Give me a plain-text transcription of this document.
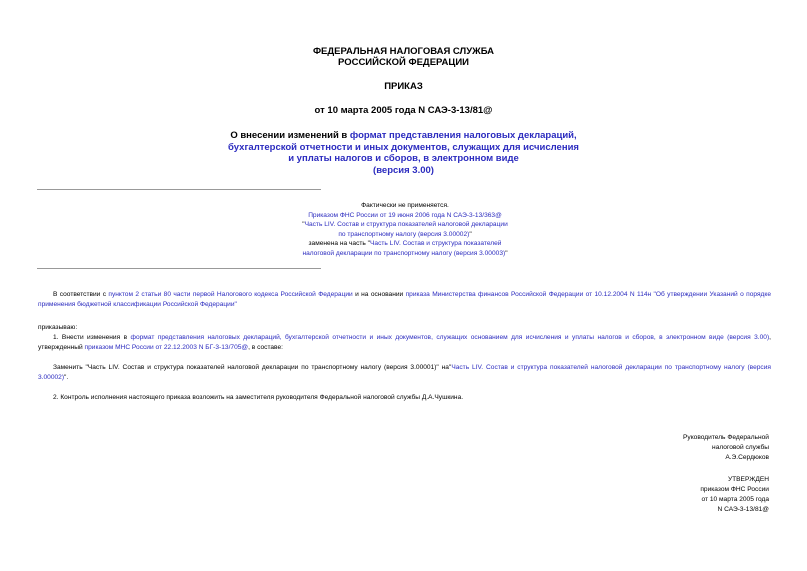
ФЕДЕРАЛЬНАЯ НАЛОГОВАЯ СЛУЖБА
РОССИЙСКОЙ ФЕДЕРАЦИИ
ПРИКАЗ
от 10 марта 2005 года N САЭ-3-13/81@
О внесении изменений в формат представления налоговых деклараций,
бухгалтерской отчетности и иных документов, служащих для исчисления
и уплаты налогов и сборов, в электронном виде
(версия 3.00)
Фактически не применяется.
Приказом ФНС России от 19 июня 2006 года N САЭ-3-13/363@
"Часть LIV. Состав и структура показателей налоговой декларации
по транспортному налогу (версия 3.00002)"
заменена на часть "Часть LIV. Состав и структура показателей
налоговой декларации по транспортному налогу (версия 3.00003)"
В соответствии с пунктом 2 статьи 80 части первой Налогового кодекса Российской Федерации и на основании приказа Министерства финансов Российской Федерации от 10.12.2004 N 114н "Об утверждении Указаний о порядке применения бюджетной классификации Российской Федерации"
приказываю:
1. Внести изменения в формат представления налоговых деклараций, бухгалтерской отчетности и иных документов, служащих основанием для исчисления и уплаты налогов и сборов, в электронном виде (версия 3.00), утвержденный приказом МНС России от 22.12.2003 N БГ-3-13/705@, в составе:
Заменить "Часть LIV. Состав и структура показателей налоговой декларации по транспортному налогу (версия 3.00001)" на"Часть LIV. Состав и структура показателей налоговой декларации по транспортному налогу (версия 3.00002)".
2. Контроль исполнения настоящего приказа возложить на заместителя руководителя Федеральной налоговой службы Д.А.Чушкина.
Руководитель Федеральной
налоговой службы
А.Э.Сердюков
УТВЕРЖДЕН
приказом ФНС России
от 10 марта 2005 года
N САЭ-3-13/81@
